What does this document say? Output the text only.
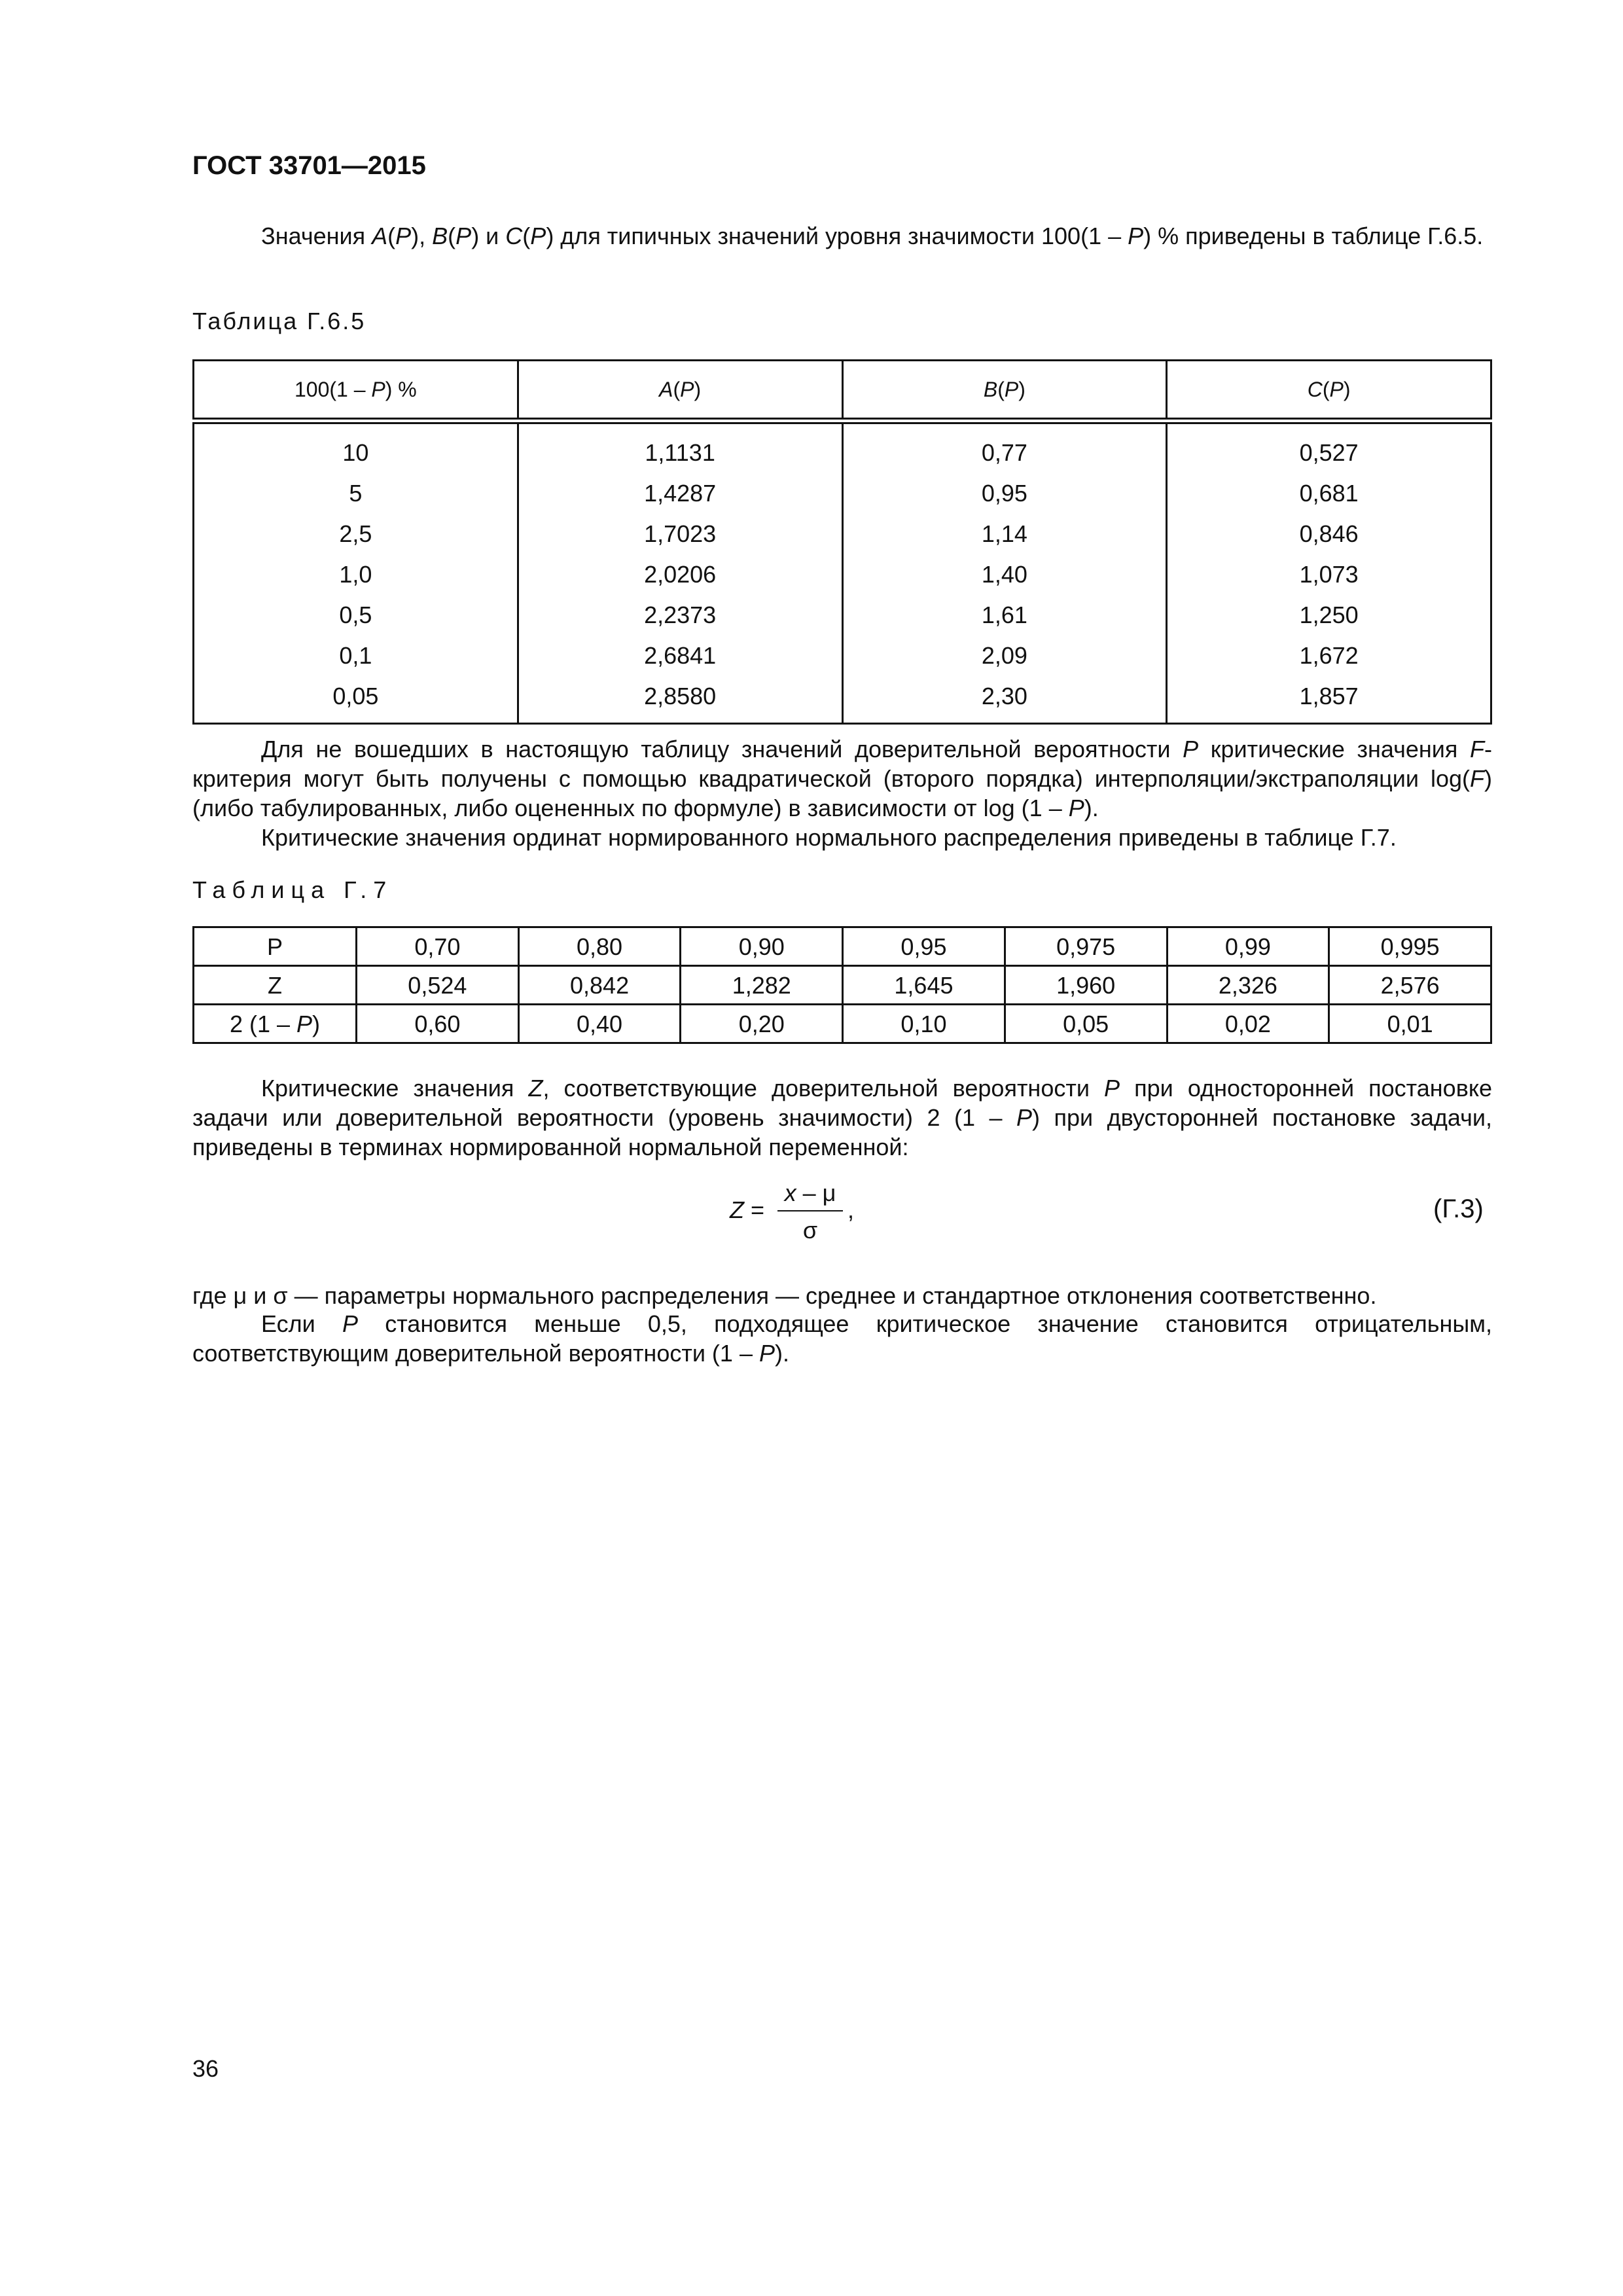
ГОСТ 33701—2015
Значения A(P), B(P) и C(P) для типичных значений уровня значимости 100(1 – P) % приведены в таблице Г.6.5.
Таблица Г.6.5
100(1 – P) %	A(P)	B(P)	C(P)
10	1,1131	0,77	0,527
5	1,4287	0,95	0,681
2,5	1,7023	1,14	0,846
1,0	2,0206	1,40	1,073
0,5	2,2373	1,61	1,250
0,1	2,6841	2,09	1,672
0,05	2,8580	2,30	1,857
Для не вошедших в настоящую таблицу значений доверительной вероятности P критические значения F-критерия могут быть получены с помощью квадратической (второго порядка) интерполяции/экстраполяции log(F) (либо табулированных, либо оцененных по формуле) в зависимости от log (1 – P).
Критические значения ординат нормированного нормального распределения приведены в таблице Г.7.
Таблица Г.7
P	0,70	0,80	0,90	0,95	0,975	0,99	0,995
Z	0,524	0,842	1,282	1,645	1,960	2,326	2,576
2 (1 – P)	0,60	0,40	0,20	0,10	0,05	0,02	0,01
Критические значения Z, соответствующие доверительной вероятности P при односторонней постановке задачи или доверительной вероятности (уровень значимости) 2 (1 – P) при двусторонней постановке задачи, приведены в терминах нормированной нормальной переменной:
$Z = \frac{x - \mu}{\sigma}$ ,	(Г.3)
где μ и σ — параметры нормального распределения — среднее и стандартное отклонения соответственно.
Если P становится меньше 0,5, подходящее критическое значение становится отрицательным, соответствующим доверительной вероятности (1 – P).
36
